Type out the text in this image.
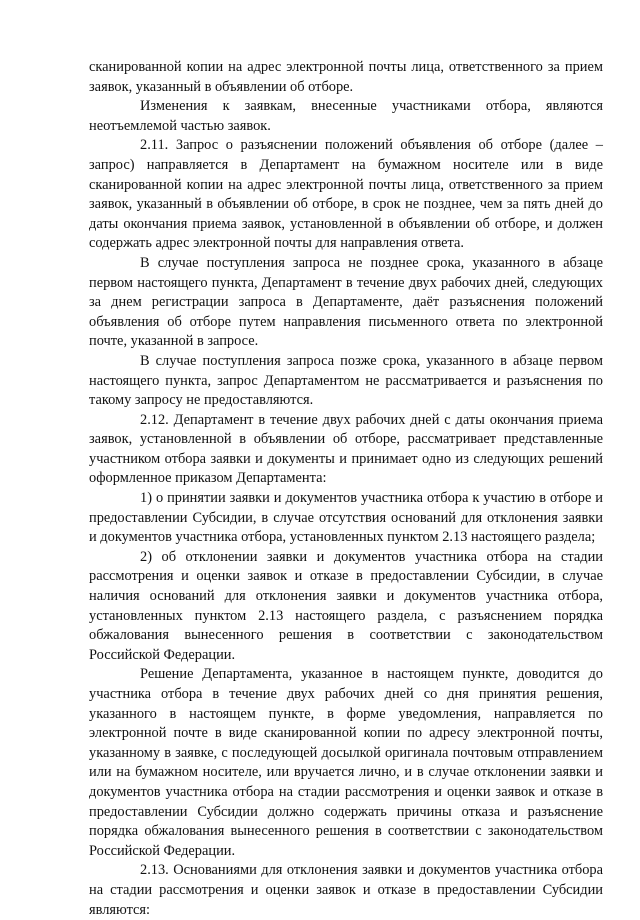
сканированной копии на адрес электронной почты лица, ответственного за прием заявок, указанный в объявлении об отборе.

Изменения к заявкам, внесенные участниками отбора, являются неотъемлемой частью заявок.

2.11. Запрос о разъяснении положений объявления об отборе (далее – запрос) направляется в Департамент на бумажном носителе или в виде сканированной копии на адрес электронной почты лица, ответственного за прием заявок, указанный в объявлении об отборе, в срок не позднее, чем за пять дней до даты окончания приема заявок, установленной в объявлении об отборе, и должен содержать адрес электронной почты для направления ответа.

В случае поступления запроса не позднее срока, указанного в абзаце первом настоящего пункта, Департамент в течение двух рабочих дней, следующих за днем регистрации запроса в Департаменте, даёт разъяснения положений объявления об отборе путем направления письменного ответа по электронной почте, указанной в запросе.

В случае поступления запроса позже срока, указанного в абзаце первом настоящего пункта, запрос Департаментом не рассматривается и разъяснения по такому запросу не предоставляются.

2.12. Департамент в течение двух рабочих дней с даты окончания приема заявок, установленной в объявлении об отборе, рассматривает представленные участником отбора заявки и документы и принимает одно из следующих решений оформленное приказом Департамента:

1) о принятии заявки и документов участника отбора к участию в отборе и предоставлении Субсидии, в случае отсутствия оснований для отклонения заявки и документов участника отбора, установленных пунктом 2.13 настоящего раздела;

2) об отклонении заявки и документов участника отбора на стадии рассмотрения и оценки заявок и отказе в предоставлении Субсидии, в случае наличия оснований для отклонения заявки и документов участника отбора, установленных пунктом 2.13 настоящего раздела, с разъяснением порядка обжалования вынесенного решения в соответствии с законодательством Российской Федерации.

Решение Департамента, указанное в настоящем пункте, доводится до участника отбора в течение двух рабочих дней со дня принятия решения, указанного в настоящем пункте, в форме уведомления, направляется по электронной почте в виде сканированной копии по адресу электронной почты, указанному в заявке, с последующей досылкой оригинала почтовым отправлением или на бумажном носителе, или вручается лично, и в случае отклонении заявки и документов участника отбора на стадии рассмотрения и оценки заявок и отказе в предоставлении Субсидии должно содержать причины отказа и разъяснение порядка обжалования вынесенного решения в соответствии с законодательством Российской Федерации.

2.13. Основаниями для отклонения заявки и документов участника отбора на стадии рассмотрения и оценки заявок и отказе в предоставлении Субсидии являются:
